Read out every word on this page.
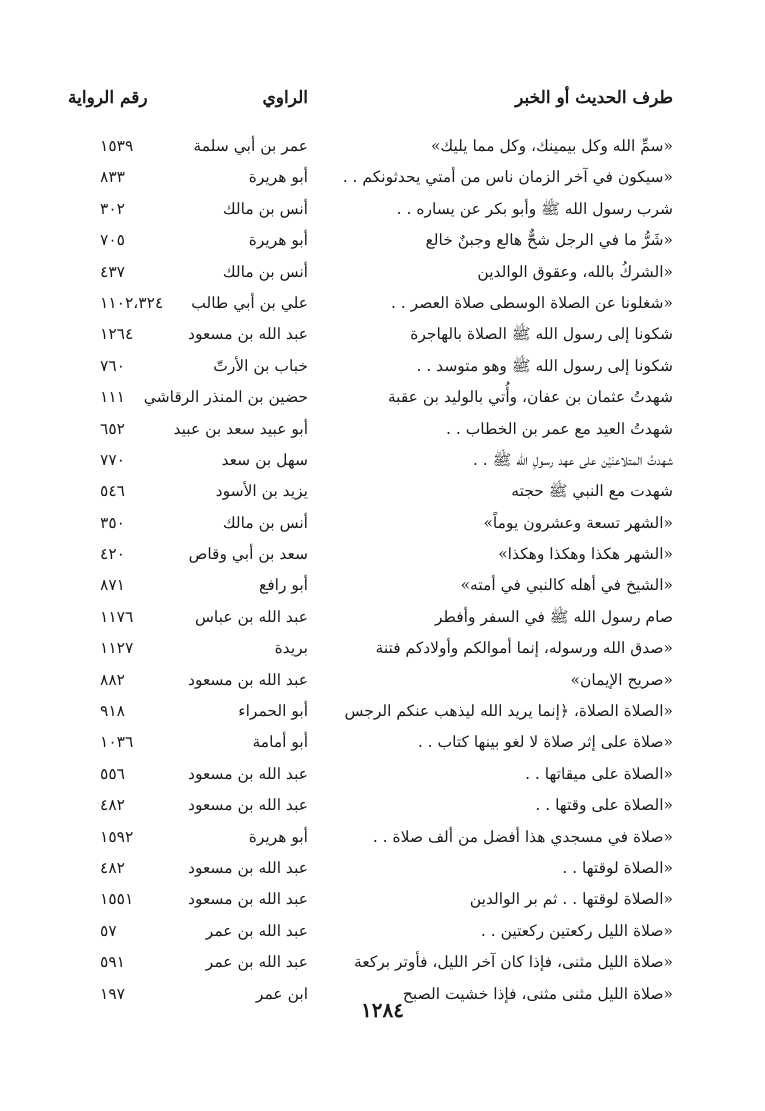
طرف الحديث أو الخبر
الراوي
رقم الرواية
«سمِّ الله وكل بيمينك، وكل مما يليك»
عمر بن أبي سلمة
١٥٣٩
«سيكون في آخر الزمان ناس من أمتي يحدثونكم . .
أبو هريرة
٨٣٣
شرب رسول الله ﷺ وأبو بكر عن يساره . .
أنس بن مالك
٣٠٢
«شَرُّ ما في الرجل شحٌّ هالع وجبنٌ خالع
أبو هريرة
٧٠٥
«الشركُ بالله، وعقوق الوالدين
أنس بن مالك
٤٣٧
«شغلونا عن الصلاة الوسطى صلاة العصر . .
علي بن أبي طالب
١١٠٢،٣٢٤
شكونا إلى رسول الله ﷺ الصلاة بالهاجرة
عبد الله بن مسعود
١٢٦٤
شكونا إلى رسول الله ﷺ وهو متوسد . .
خباب بن الأرتّ
٧٦٠
شهدتُ عثمان بن عفان، وأُتي بالوليد بن عقبة
حضين بن المنذر الرقاشي
١١١
شهدتُ العيد مع عمر بن الخطاب . .
أبو عبيد سعد بن عبيد
٦٥٢
شهدتُ المتلاعنَيْن على عهد رسولِ الله ﷺ . .
سهل بن سعد
٧٧٠
شهدت مع النبي ﷺ حجته
يزيد بن الأسود
٥٤٦
«الشهر تسعة وعشرون يوماً»
أنس بن مالك
٣٥٠
«الشهر هكذا وهكذا وهكذا»
سعد بن أبي وقاص
٤٢٠
«الشيخ في أهله كالنبي في أمته»
أبو رافع
٨٧١
صام رسول الله ﷺ في السفر وأفطر
عبد الله بن عباس
١١٧٦
«صدق الله ورسوله، إنما أموالكم وأولادكم فتنة
بريدة
١١٢٧
«صريح الإيمان»
عبد الله بن مسعود
٨٨٢
«الصلاة الصلاة، ﴿إنما يريد الله ليذهب عنكم الرجس
أبو الحمراء
٩١٨
«صلاة على إثر صلاة لا لغو بينها كتاب . .
أبو أمامة
١٠٣٦
«الصلاة على ميقاتها . .
عبد الله بن مسعود
٥٥٦
«الصلاة على وقتها . .
عبد الله بن مسعود
٤٨٢
«صلاة في مسجدي هذا أفضل من ألف صلاة . .
أبو هريرة
١٥٩٢
«الصلاة لوقتها . .
عبد الله بن مسعود
٤٨٢
«الصلاة لوقتها . . ثم بر الوالدين
عبد الله بن مسعود
١٥٥١
«صلاة الليل ركعتين ركعتين . .
عبد الله بن عمر
٥٧
«صلاة الليل مثنى، فإذا كان آخر الليل، فأوتر بركعة
عبد الله بن عمر
٥٩١
«صلاة الليل مثنى مثنى، فإذا خشيت الصبح
ابن عمر
١٩٧
١٢٨٤
